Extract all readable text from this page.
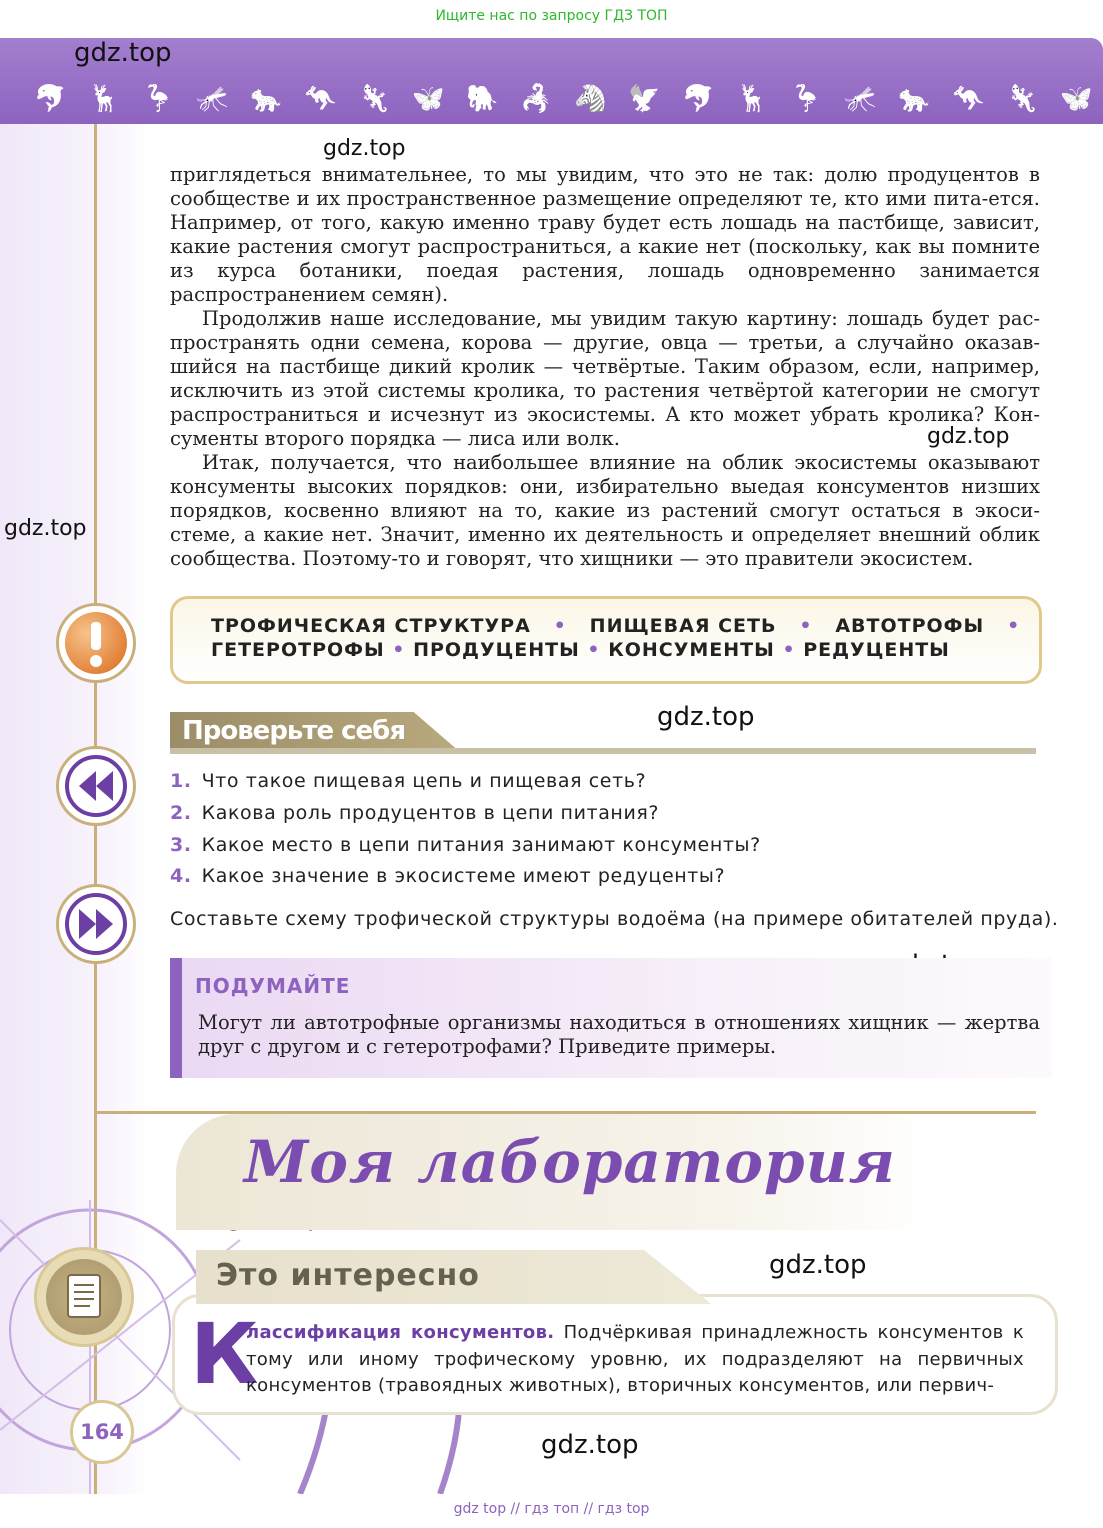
Ищите нас по запросу ГДЗ ТОП
🐬 🦌 🦩 🦟 🐆 🦘 🦎 🦋 🐘 🦂 🦓 🦅 🐬 🦌 🦩 🦟 🐆 🦘 🦎 🦋
gdz.top
gdz.top
gdz.top
gdz.top
gdz.top
gdz.top
gdz.top

приглядеться внимательнее, то мы увидим, что это не так: долю продуцентов в сообществе и их пространственное размещение определяют те, кто ими пита-ется. Например, от того, какую именно траву будет есть лошадь на пастбище, зависит, какие растения смогут распространиться, а какие нет (поскольку, как вы помните из курса ботаники, поедая растения, лошадь одновременно занимается распространением семян).

Продолжив наше исследование, мы увидим такую картину: лошадь будет рас-пространять одни семена, корова — другие, овца — третьи, а случайно оказав-шийся на пастбище дикий кролик — четвёртые. Таким образом, если, например, исключить из этой системы кролика, то растения четвёртой категории не смогут распространиться и исчезнут из экосистемы. А кто может убрать кролика? Кон-сументы второго порядка — лиса или волк.

Итак, получается, что наибольшее влияние на облик экосистемы оказывают консументы высоких порядков: они, избирательно выедая консументов низших порядков, косвенно влияют на то, какие из растений смогут остаться в экоси-стеме, а какие нет. Значит, именно их деятельность и определяет внешний облик сообщества. Поэтому-то и говорят, что хищники — это правители экосистем.

ТРОФИЧЕСКАЯ СТРУКТУРА • ПИЩЕВАЯ СЕТЬ • АВТОТРОФЫ •
ГЕТЕРОТРОФЫ • ПРОДУЦЕНТЫ • КОНСУМЕНТЫ • РЕДУЦЕНТЫ
Проверьте себя
1. Что такое пищевая цепь и пищевая сеть?
2. Какова роль продуцентов в цепи питания?
3. Какое место в цепи питания занимают консументы?
4. Какое значение в экосистеме имеют редуценты?
Составьте схему трофической структуры водоёма (на примере обитателей пруда).
ПОДУМАЙТЕ
Могут ли автотрофные организмы находиться в отношениях хищник — жертва друг с другом и с гетеротрофами? Приведите примеры.
Моя лаборатория
Это интересно
К
лассификация консументов. Подчёркивая принадлежность консументов к тому или иному трофическому уровню, их подразделяют на первичных консументов (травоядных животных), вторичных консументов, или первич-
164
gdz top // гдз топ // гдз top
